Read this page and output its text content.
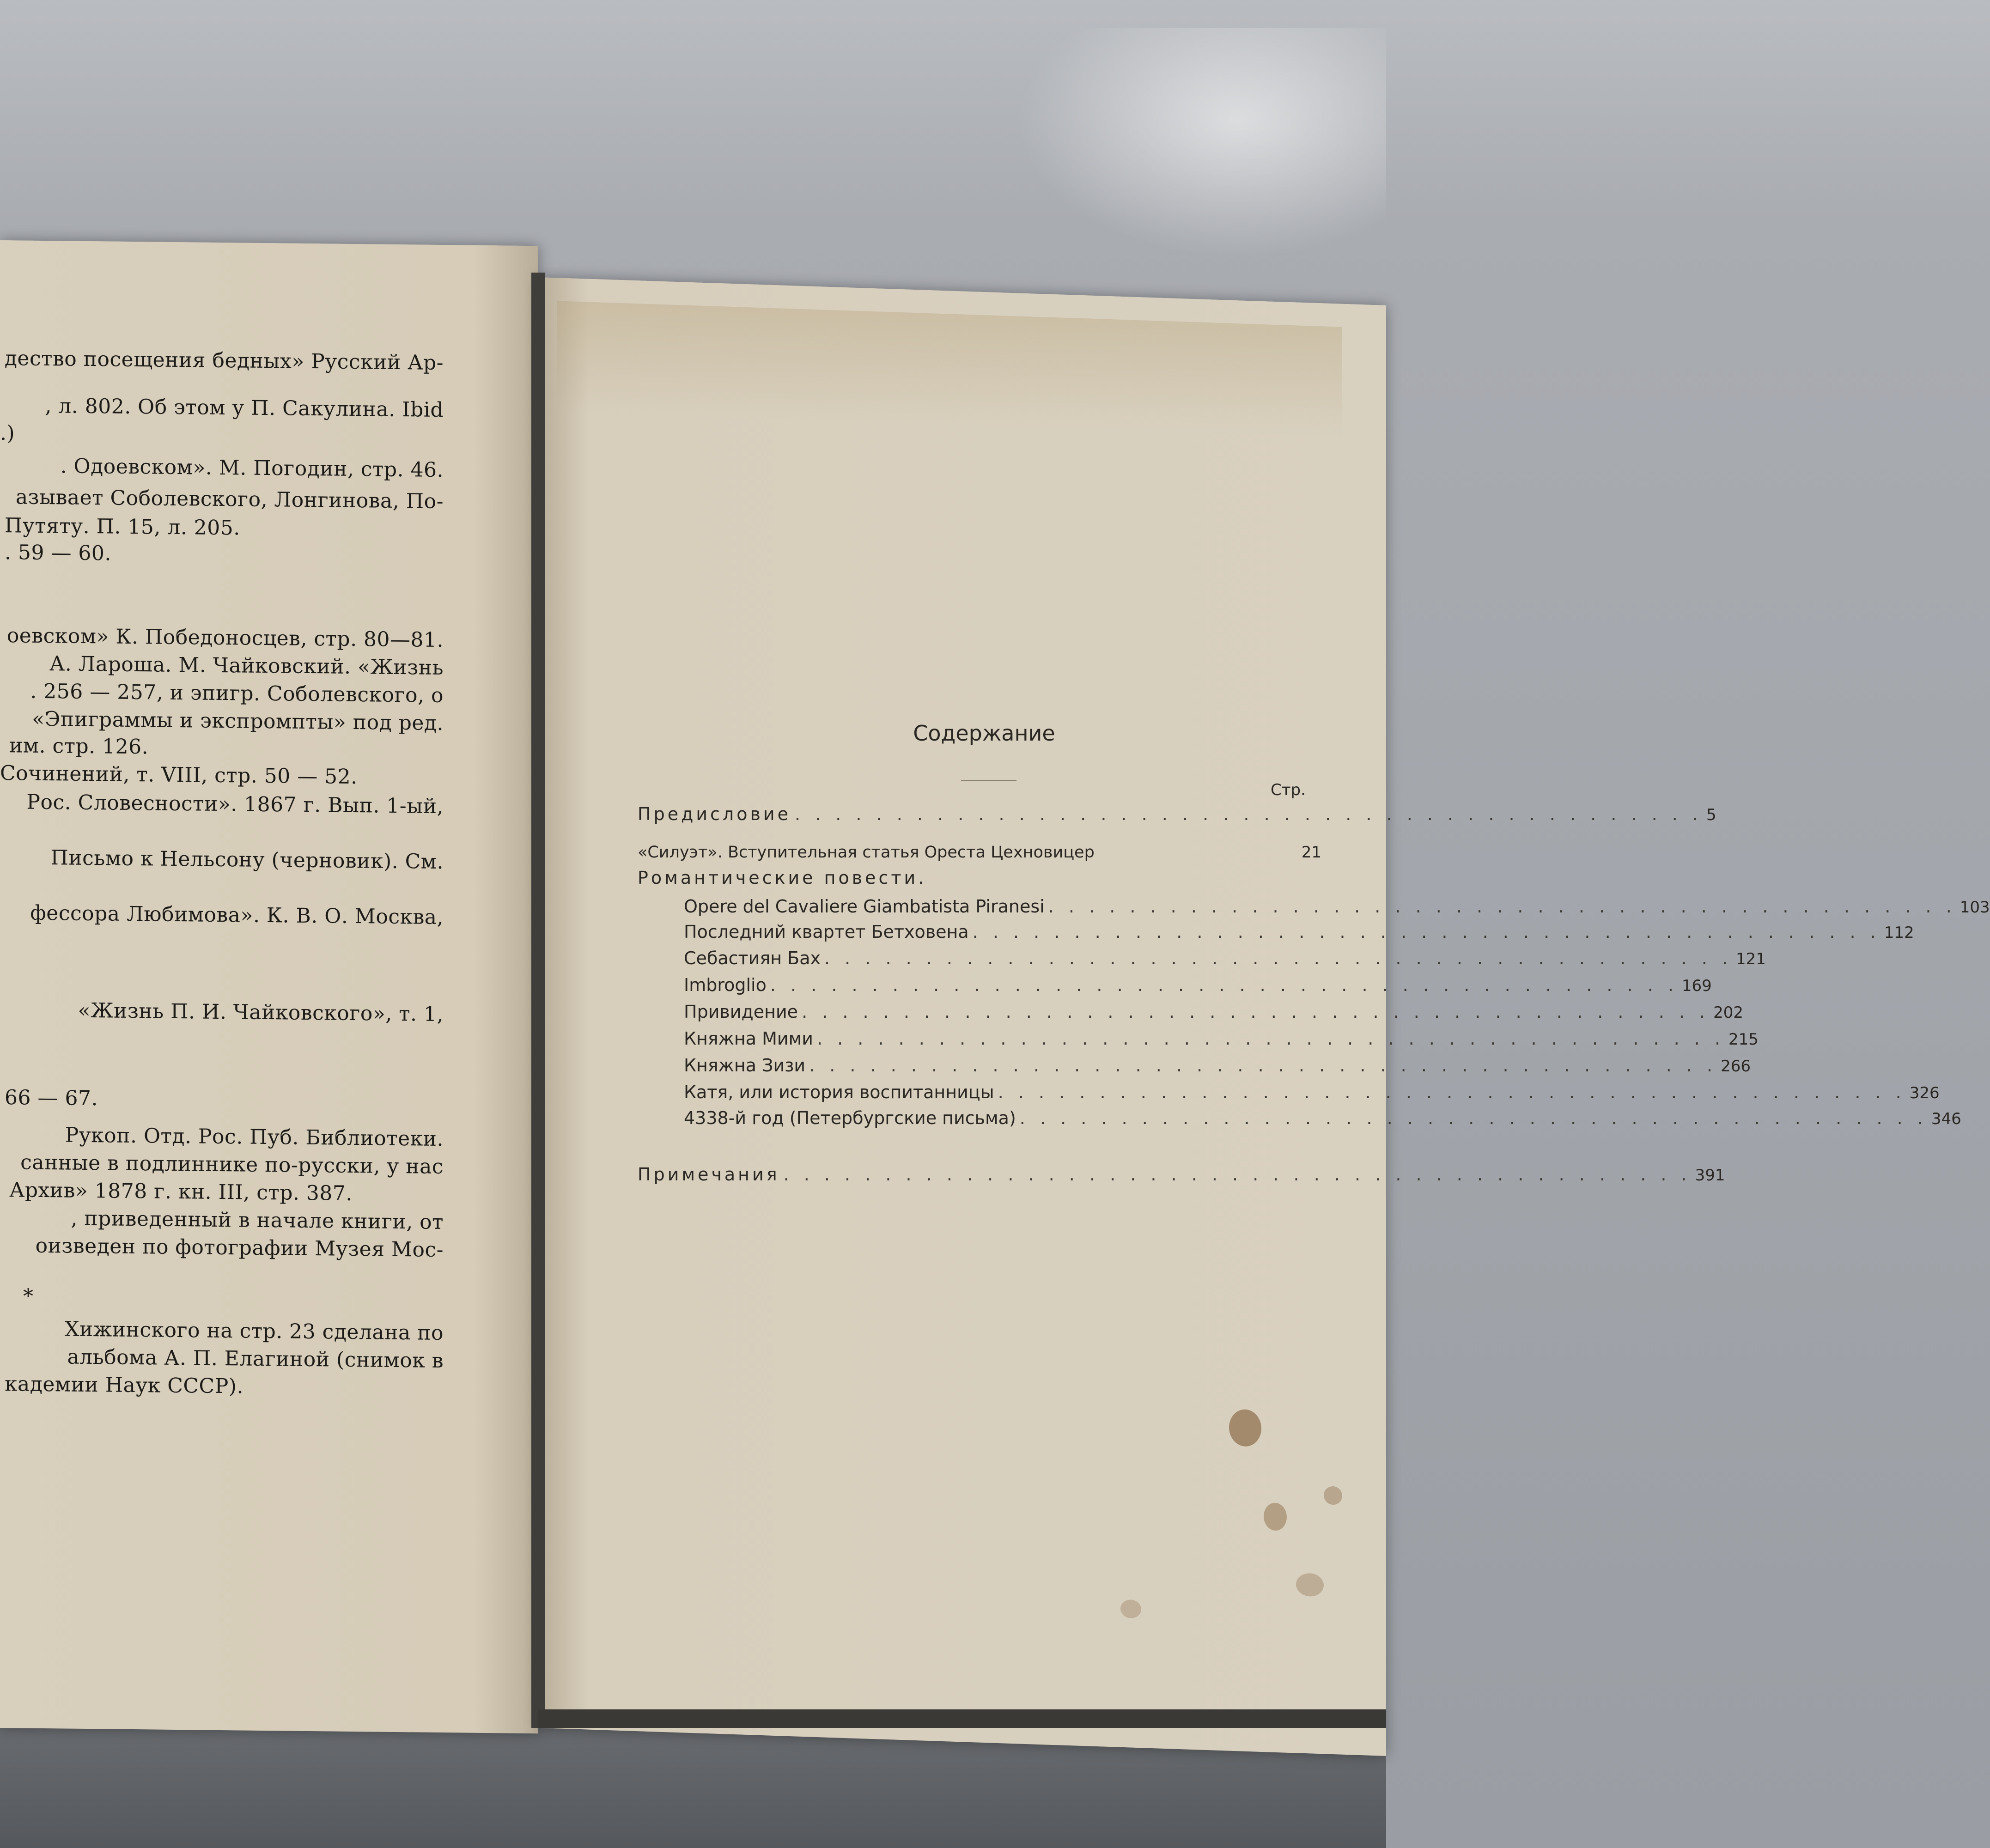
дество посещения бедных» Русский Ар-
, л. 802. Об этом у П. Сакулина. Ibid
.)
. Одоевском». М. Погодин, стр. 46.
азывает Соболевского, Лонгинова, По-
Путяту. П. 15, л. 205.
. 59 — 60.
оевском» К. Победоносцев, стр. 80—81.
А. Лароша. М. Чайковский. «Жизнь
. 256 — 257, и эпигр. Соболевского, о
«Эпиграммы и экспромпты» под ред.
им. стр. 126.
Сочинений, т. VIII, стр. 50 — 52.
Рос. Словесности». 1867 г. Вып. 1-ый,
Письмо к Нельсону (черновик). См.
фессора Любимова». К. В. О. Москва,
«Жизнь П. И. Чайковского», т. 1,
66 — 67.
Рукоп. Отд. Рос. Пуб. Библиотеки.
санные в подлиннике по-русски, у нас
Архив» 1878 г. кн. III, стр. 387.
, приведенный в начале книги, от
оизведен по фотографии Музея Мос-
*
Хижинского на стр. 23 сделана по
альбома А. П. Елагиной (снимок в
кадемии Наук СССР).
Содержание
Стр.
Предисловие . . . . . . . . . . . . . . . . . . . . . . . . . . . . . . . . . . . . . . . . . . . . . 5
«Силуэт». Вступительная статья Ореста Цехновицер	21
Романтические повести.
Opere del Cavaliere Giambatista Piranesi . . . . . . . . . . . . . . . . . . . . . . . . . . . . . . . . . . . . . . . . . . . . . 103
Последний квартет Бетховена . . . . . . . . . . . . . . . . . . . . . . . . . . . . . . . . . . . . . . . . . . . . . 112
Себастиян Бах . . . . . . . . . . . . . . . . . . . . . . . . . . . . . . . . . . . . . . . . . . . . . 121
Imbroglio . . . . . . . . . . . . . . . . . . . . . . . . . . . . . . . . . . . . . . . . . . . . . 169
Привидение . . . . . . . . . . . . . . . . . . . . . . . . . . . . . . . . . . . . . . . . . . . . . 202
Княжна Мими . . . . . . . . . . . . . . . . . . . . . . . . . . . . . . . . . . . . . . . . . . . . . 215
Княжна Зизи . . . . . . . . . . . . . . . . . . . . . . . . . . . . . . . . . . . . . . . . . . . . . 266
Катя, или история воспитанницы . . . . . . . . . . . . . . . . . . . . . . . . . . . . . . . . . . . . . . . . . . . . . 326
4338-й год (Петербургские письма) . . . . . . . . . . . . . . . . . . . . . . . . . . . . . . . . . . . . . . . . . . . . . 346
Примечания . . . . . . . . . . . . . . . . . . . . . . . . . . . . . . . . . . . . . . . . . . . . . 391
